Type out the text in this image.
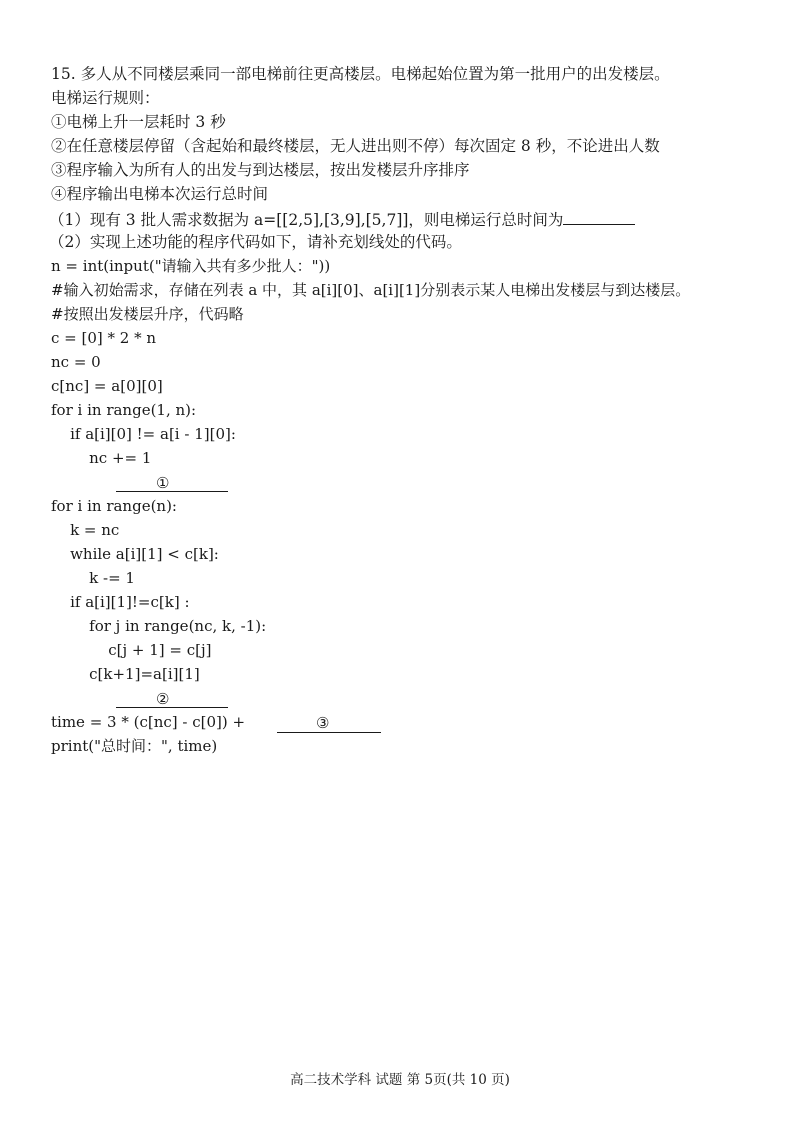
15. 多人从不同楼层乘同一部电梯前往更高楼层。电梯起始位置为第一批用户的出发楼层。
电梯运行规则：
①电梯上升一层耗时 3 秒
②在任意楼层停留（含起始和最终楼层，无人进出则不停）每次固定 8 秒，不论进出人数
③程序输入为所有人的出发与到达楼层，按出发楼层升序排序
④程序输出电梯本次运行总时间
（1）现有 3 批人需求数据为 a=[[2,5],[3,9],[5,7]]，则电梯运行总时间为
（2）实现上述功能的程序代码如下，请补充划线处的代码。
n = int(input("请输入共有多少批人："))
#输入初始需求，存储在列表 a 中，其 a[i][0]、a[i][1]分别表示某人电梯出发楼层与到达楼层。
#按照出发楼层升序，代码略
c = [0] * 2 * n
nc = 0
c[nc] = a[0][0]
for i in range(1, n):
if a[i][0] != a[i - 1][0]:
nc += 1
①
for i in range(n):
k = nc
while a[i][1] < c[k]:
k -= 1
if a[i][1]!=c[k] :
for j in range(nc, k, -1):
c[j + 1] = c[j]
c[k+1]=a[i][1]
②
time = 3 * (c[nc] - c[0]) +	③
print("总时间：", time)
高二技术学科 试题 第 5页(共 10 页)
